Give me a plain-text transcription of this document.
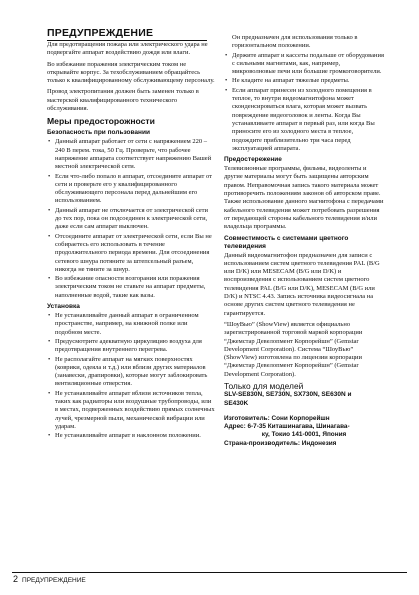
ПРЕДУПРЕЖДЕНИЕ

Для предотвращения пожара или электрического удара не подвергайте аппарат воздействию дождя или влаги.

Во избежание поражения электрическим током не открывайте корпус. За техобслуживанием обращайтесь только к квалифицированному обслуживающему персоналу.

Провод электропитания должен быть заменен только в мастерской квалифицированного технического обслуживания.

Меры предосторожности
Безопасность при пользовании
• Данный аппарат работает от сети с напряжением 220 – 240 В перем. тока, 50 Гц. Проверьте, что рабочее напряжение аппарата соответствует напряжению Вашей местной электрической сети.
• Если что-либо попало в аппарат, отсоедините аппарат от сети и проверьте его у квалифицированного обслуживающего персонала перед дальнейшим его использованием.
• Данный аппарат не отключается от электрической сети до тех пор, пока он подсоединен к электрической сети, даже если сам аппарат выключен.
• Отсоедините аппарат от электрической сети, если Вы не собираетесь его использовать в течение продолжительного периода времени. Для отсоединения сетевого шнура потяните за штепсельный разъем, никогда не тяните за шнур.
• Во избежание опасности возгорания или поражения электрическим током не ставьте на аппарат предметы, наполненные водой, такие как вазы.
Установка
• Не устанавливайте данный аппарат в ограниченном пространстве, например, на книжной полке или подобном месте.
• Предусмотрите адекватную циркуляцию воздуха для предотвращения внутреннего перегрева.
• Не располагайте аппарат на мягких поверхностях (коврики, одеяла и т.д.) или вблизи других материалов (занавески, драпировки), которые могут заблокировать вентиляционные отверстия.
• Не устанавливайте аппарат вблизи источников тепла, таких как радиаторы или воздушные трубопроводы, или в местах, подверженных воздействию прямых солнечных лучей, чрезмерной пыли, механической вибрации или ударам.
• Не устанавливайте аппарат в наклонном положении.
Он предназначен для использования только в горизонтальном положении.
• Держите аппарат и кассеты подальше от оборудования с сильными магнитами, как, например, микроволновые печи или большие громкоговорители.
• Не кладите на аппарат тяжелые предметы.
• Если аппарат принесен из холодного помещения в теплое, то внутри видеомагнитофона может сконденсироваться влага, которая может вызвать повреждение видеоголовок и ленты. Когда Вы устанавливаете аппарат в первый раз, или когда Вы приносите его из холодного места в теплое, подождите приблизительно три часа перед эксплуатацией аппарата.
Предостережение

Телевизионные программы, фильмы, видеоленты и другие материалы могут быть защищены авторским правом. Неправомочная запись такого материала может противоречить положениям законов об авторском праве. Также использование данного магнитофона с передачами кабельного телевидения может потребовать разрешения от передающей стороны кабельного телевидения и/или владельца программы.

Совместимость с системами цветного телевидения

Данный видеомагнитофон предназначен для записи с использованием систем цветного телевидения PAL (B/G или D/K) или MESECAM (B/G или D/K) и воспроизведения с использованием систем цветного телевидения PAL (B/G или D/K), MESECAM (B/G или D/K) и NTSC 4.43. Запись источника видеосигнала на основе других систем цветного телевидения не гарантируется.

“ШоуВью” (ShowView) является официально зарегистрированной торговой маркой корпорации “Джемстар Девелопмент Корпорейшн” (Gemstar Development Corporation). Система “ШоуВью” (ShowView) изготовлена по лицензии корпорации “Джемстар Девелопмент Корпорейшн” (Gemstar Development Corporation).

Только для моделей
SLV-SE830N, SE730N, SX730N, SE630N и
SE430K

Изготовитель: Сони Корпорейшн

Адрес: 6-7-35 Киташинагава, Шинагава-

ку, Токио 141-0001, Япония

Страна-производитель: Индонезия

2 ПРЕДУПРЕЖДЕНИЕ
